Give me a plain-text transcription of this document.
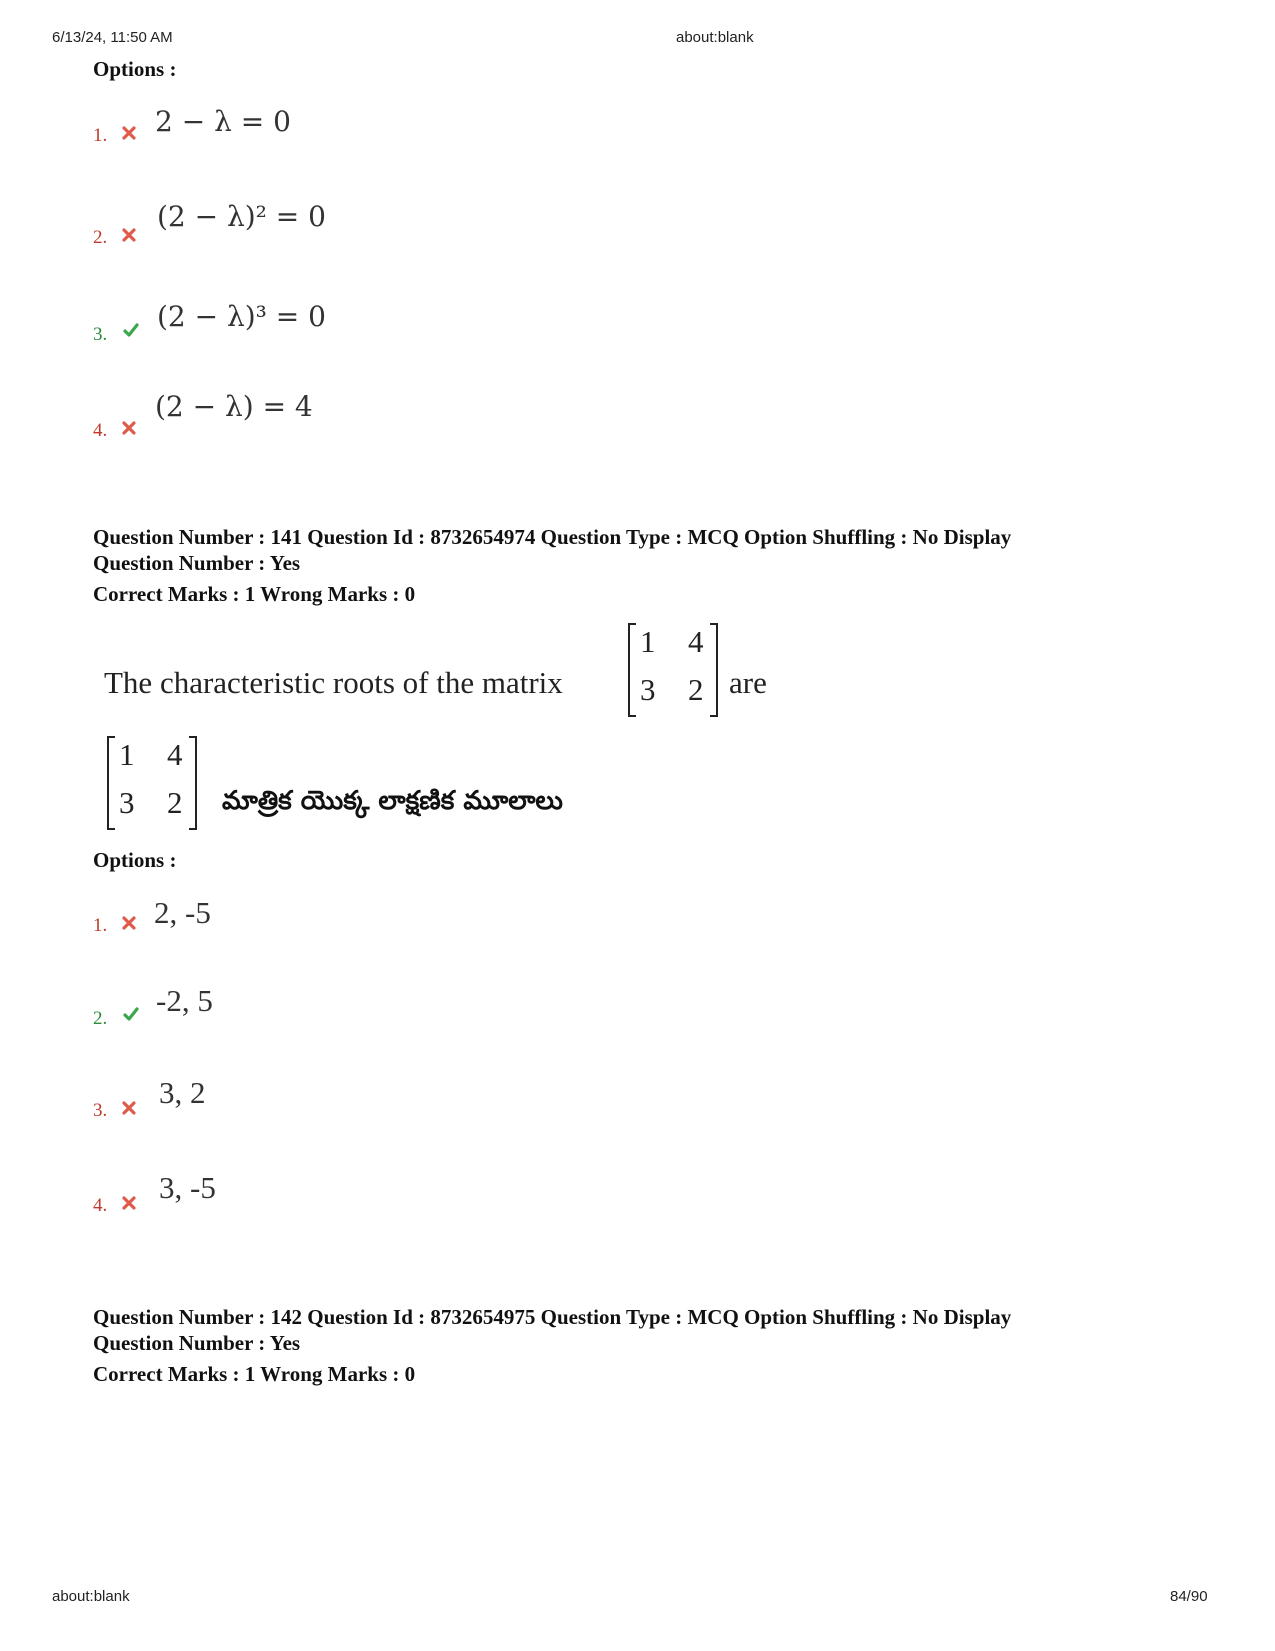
6/13/24, 11:50 AM	about:blank
Options :
1. 2 − λ = 0
2.
(2 − λ)² = 0
3.
(2 − λ)³ = 0
4.
(2 − λ) = 4
Question Number : 141 Question Id : 8732654974 Question Type : MCQ Option Shuffling : No Display
Question Number : Yes
Correct Marks : 1 Wrong Marks : 0
The characteristic roots of the matrix
1 4
3 2 are
1 4
3 2 మాత్రిక యొక్క లాక్షణిక మూలాలు
Options :
1. 2, -5
2.
-2, 5
3.
3, 2
4.
3, -5
Question Number : 142 Question Id : 8732654975 Question Type : MCQ Option Shuffling : No Display
Question Number : Yes
Correct Marks : 1 Wrong Marks : 0
about:blank	84/90
